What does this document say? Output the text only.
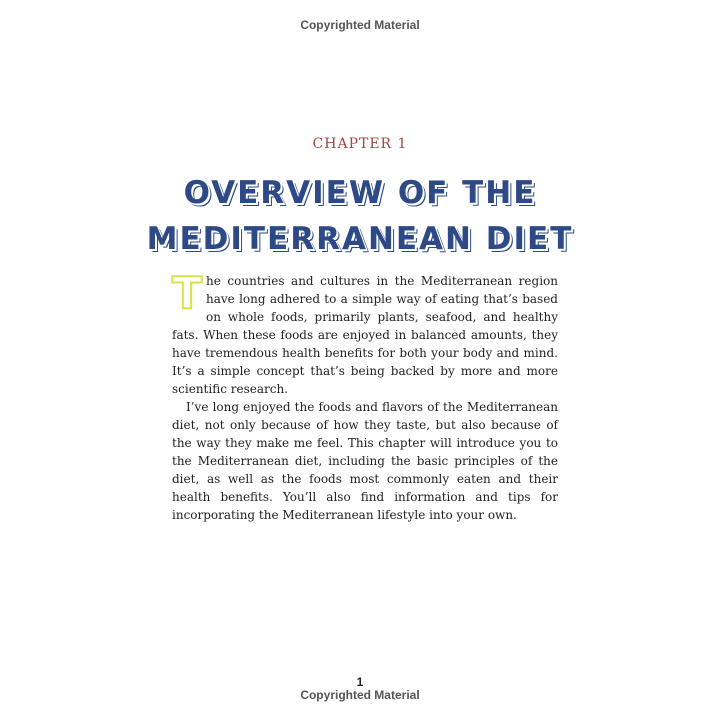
Copyrighted Material
CHAPTER 1
OVERVIEW OF THE
MEDITERRANEAN DIET

The countries and cultures in the Mediterranean region have long adhered to a simple way of eating that’s based on whole foods, primarily plants, seafood, and healthy fats. When these foods are enjoyed in balanced amounts, they have tremendous health benefits for both your body and mind. It’s a simple concept that’s being backed by more and more scientific research.

I’ve long enjoyed the foods and flavors of the Mediterranean diet, not only because of how they taste, but also because of the way they make me feel. This chapter will introduce you to the Mediterranean diet, including the basic principles of the diet, as well as the foods most commonly eaten and their health benefits. You’ll also find information and tips for incorporating the Mediterranean lifestyle into your own.

1
Copyrighted Material
